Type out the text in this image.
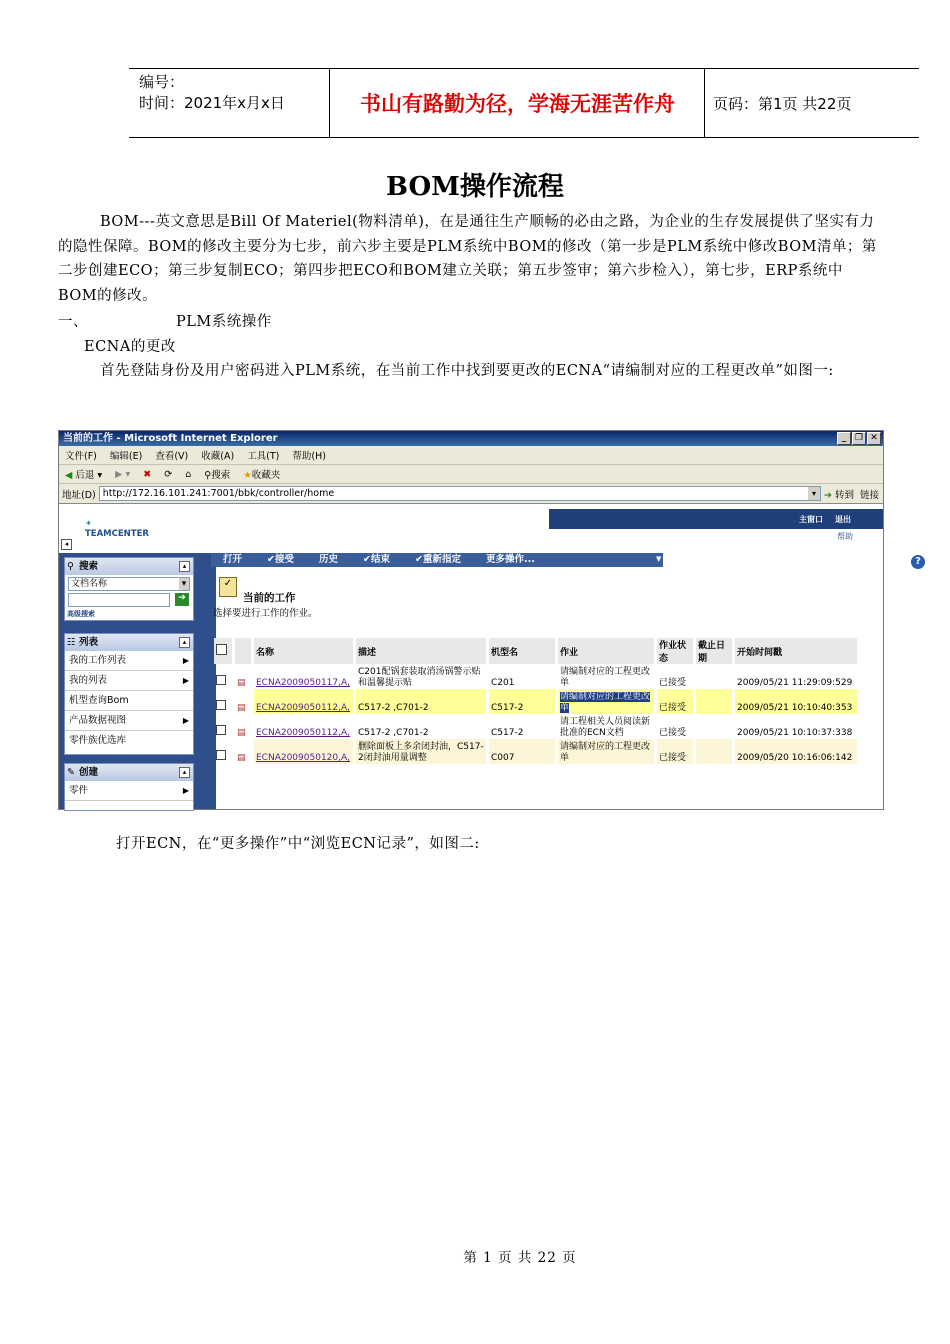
编号：
时间：2021年x月x日	书山有路勤为径，学海无涯苦作舟	页码：第1页 共22页
BOM操作流程
BOM---英文意思是Bill Of Materiel(物料清单)，在是通往生产顺畅的必由之路，为企业的生存发展提供了坚实有力的隐性保障。BOM的修改主要分为七步，前六步主要是PLM系统中BOM的修改（第一步是PLM系统中修改BOM清单；第二步创建ECO；第三步复制ECO；第四步把ECO和BOM建立关联；第五步签审；第六步检入），第七步，ERP系统中BOM的修改。
一、	PLM系统操作
ECNA的更改
首先登陆身份及用户密码进入PLM系统，在当前工作中找到要更改的ECNA“请编制对应的工程更改单”如图一:
当前的工作 - Microsoft Internet Explorer	_ ❐ ✕
文件(F) 编辑(E) 查看(V) 收藏(A) 工具(T) 帮助(H)
◀ 后退 ▾ ▶ ▾ ✖ ⟳ ⌂ ⚲搜索 ★收藏夹
地址(D) http://172.16.101.241:7001/bbk/controller/home	▾ ➔ 转到 链接
✦
TEAMCENTER
主窗口 退出
帮助
◂
⚲ 搜索	▴
文档名称	▾
➔
高级搜索
☷ 列表	▴
我的工作列表	▶
我的列表	▶
机型查询Bom
产品数据视图	▶
零件族优选库
✎ 创建	▴
零件	▶
打开	✔接受	历史	✔结束	✔重新指定	更多操作...	▼	?
✓
当前的工作
选择要进行工作的作业。
		名称	描述	机型名	作业	作业状态	截止日期	开始时间戳
	▤	ECNA2009050117,A,	C201配锅套装取消汤锅警示贴和温馨提示贴	C201	请编制对应的工程更改单	已接受		2009/05/21 11:29:09:529
	▤	ECNA2009050112,A,	C517-2 ,C701-2	C517-2	请编制对应的工程更改单	已接受		2009/05/21 10:10:40:353
	▤	ECNA2009050112,A,	C517-2 ,C701-2	C517-2	请工程相关人员阅读新批准的ECN文档	已接受		2009/05/21 10:10:37:338
	▤	ECNA2009050120,A,	删除面板上多余闭封油，C517-2闭封油用量调整	C007	请编制对应的工程更改单	已接受		2009/05/20 10:16:06:142
打开ECN，在“更多操作”中“浏览ECN记录”，如图二:
第 1 页 共 22 页
